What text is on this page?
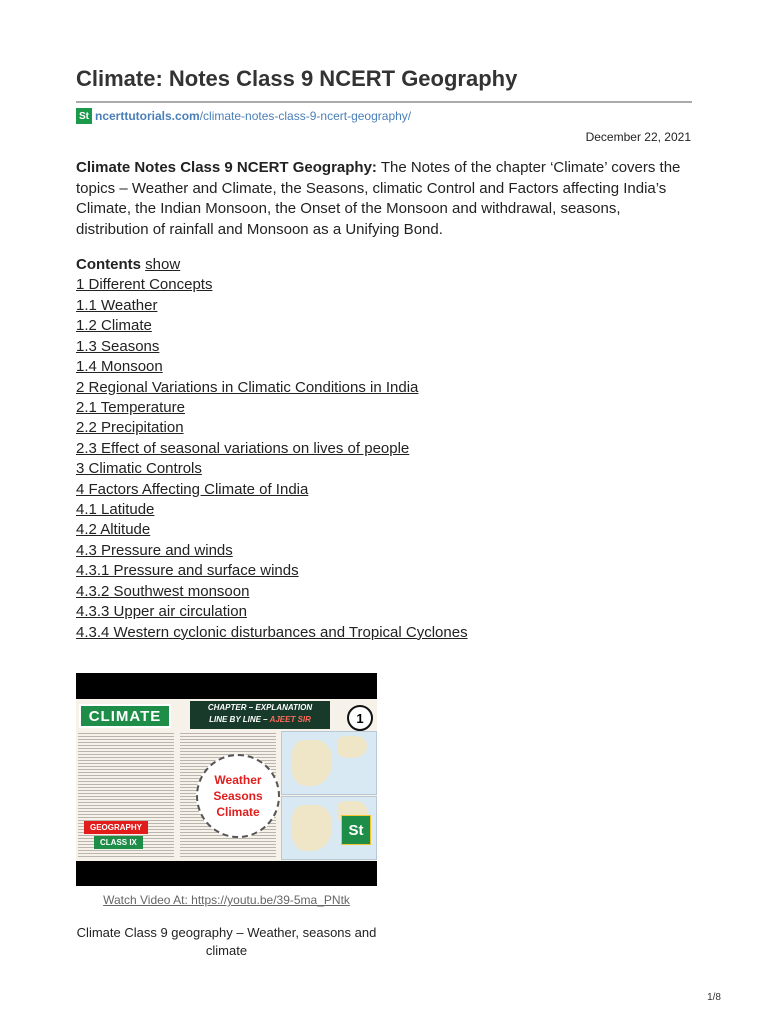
Climate: Notes Class 9 NCERT Geography
St ncerttutorials.com /climate-notes-class-9-ncert-geography/
December 22, 2021

Climate Notes Class 9 NCERT Geography: The Notes of the chapter ‘Climate’ covers the topics – Weather and Climate, the Seasons, climatic Control and Factors affecting India’s Climate, the Indian Monsoon, the Onset of the Monsoon and withdrawal, seasons, distribution of rainfall and Monsoon as a Unifying Bond.

Contents show
1 Different Concepts
1.1 Weather
1.2 Climate
1.3 Seasons
1.4 Monsoon
2 Regional Variations in Climatic Conditions in India
2.1 Temperature
2.2 Precipitation
2.3 Effect of seasonal variations on lives of people
3 Climatic Controls
4 Factors Affecting Climate of India
4.1 Latitude
4.2 Altitude
4.3 Pressure and winds
4.3.1 Pressure and surface winds
4.3.2 Southwest monsoon
4.3.3 Upper air circulation
4.3.4 Western cyclonic disturbances and Tropical Cyclones
CLIMATE	CHAPTER – EXPLANATION
LINE BY LINE – AJEET SIR	1
Weather
Seasons
Climate
GEOGRAPHY
CLASS IX
St
Watch Video At: https://youtu.be/39-5ma_PNtk
Climate Class 9 geography – Weather, seasons and climate
1/8
